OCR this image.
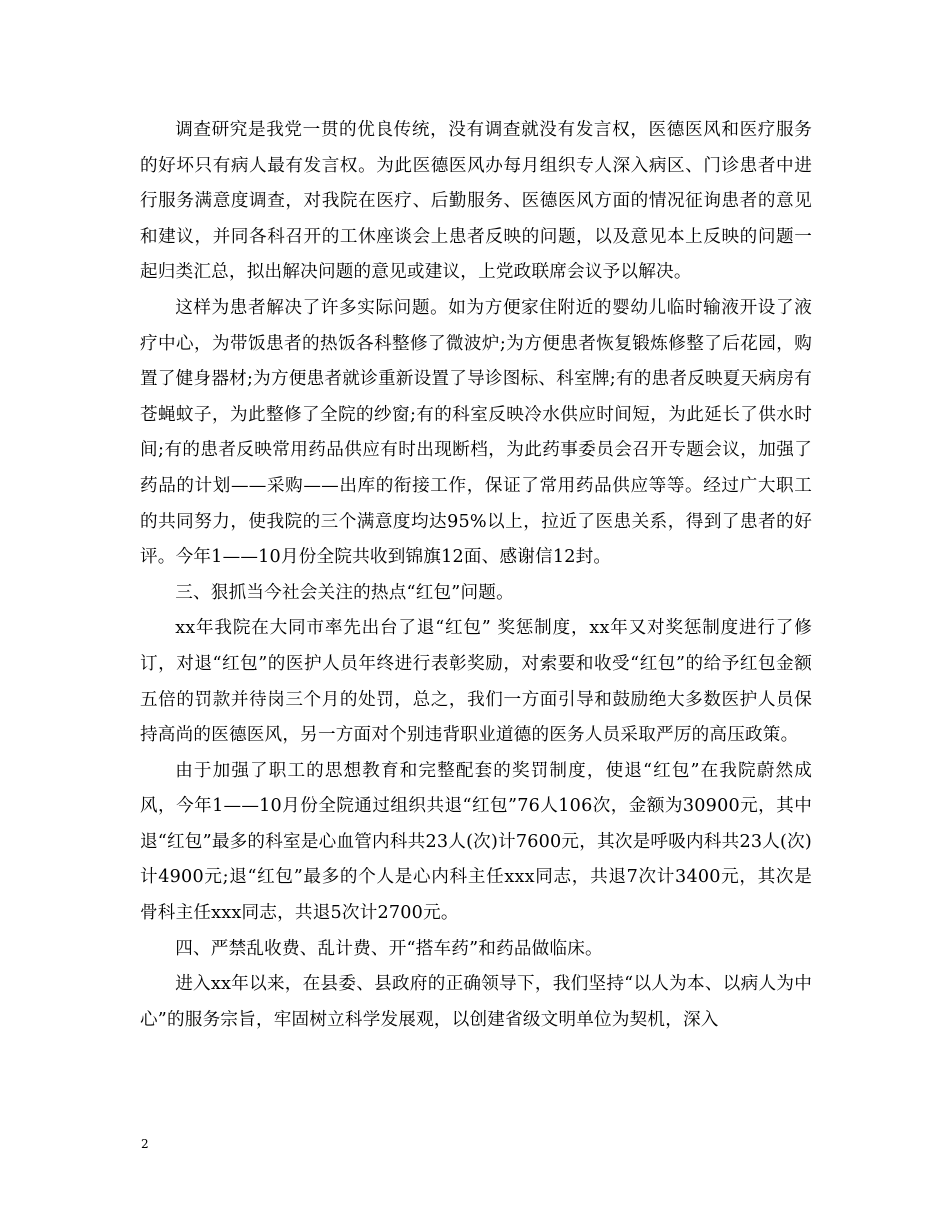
调查研究是我党一贯的优良传统，没有调查就没有发言权，医德医风和医疗服务的好坏只有病人最有发言权。为此医德医风办每月组织专人深入病区、门诊患者中进行服务满意度调查，对我院在医疗、后勤服务、医德医风方面的情况征询患者的意见和建议，并同各科召开的工休座谈会上患者反映的问题，以及意见本上反映的问题一起归类汇总，拟出解决问题的意见或建议，上党政联席会议予以解决。

这样为患者解决了许多实际问题。如为方便家住附近的婴幼儿临时输液开设了液疗中心，为带饭患者的热饭各科整修了微波炉;为方便患者恢复锻炼修整了后花园，购置了健身器材;为方便患者就诊重新设置了导诊图标、科室牌;有的患者反映夏天病房有苍蝇蚊子，为此整修了全院的纱窗;有的科室反映冷水供应时间短，为此延长了供水时间;有的患者反映常用药品供应有时出现断档，为此药事委员会召开专题会议，加强了药品的计划——采购——出库的衔接工作，保证了常用药品供应等等。经过广大职工的共同努力，使我院的三个满意度均达95%以上，拉近了医患关系，得到了患者的好评。今年1——10月份全院共收到锦旗12面、感谢信12封。

三、狠抓当今社会关注的热点“红包”问题。

xx年我院在大同市率先出台了退“红包” 奖惩制度，xx年又对奖惩制度进行了修订，对退“红包”的医护人员年终进行表彰奖励，对索要和收受“红包”的给予红包金额五倍的罚款并待岗三个月的处罚，总之，我们一方面引导和鼓励绝大多数医护人员保持高尚的医德医风，另一方面对个别违背职业道德的医务人员采取严厉的高压政策。

由于加强了职工的思想教育和完整配套的奖罚制度，使退“红包”在我院蔚然成风，今年1——10月份全院通过组织共退“红包”76人106次，金额为30900元，其中退“红包”最多的科室是心血管内科共23人(次)计7600元，其次是呼吸内科共23人(次)计4900元;退“红包”最多的个人是心内科主任xxx同志，共退7次计3400元，其次是骨科主任xxx同志，共退5次计2700元。

四、严禁乱收费、乱计费、开“搭车药”和药品做临床。

进入xx年以来，在县委、县政府的正确领导下，我们坚持“以人为本、以病人为中心”的服务宗旨，牢固树立科学发展观，以创建省级文明单位为契机，深入

2
